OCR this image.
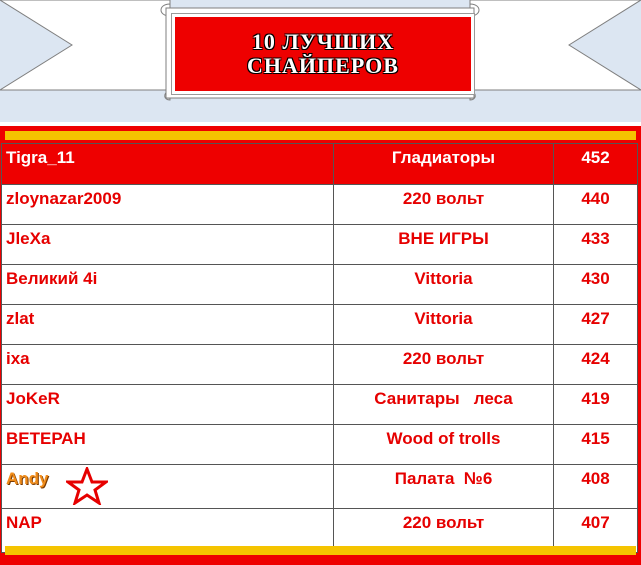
10 ЛУЧШИХ
СНАЙПЕРОВ
Tigra_11	Гладиаторы	452
zloynazar2009	220 вольт	440
JleXa	ВНЕ ИГРЫ	433
Великий 4i	Vittoria	430
zlat	Vittoria	427
ixa	220 вольт	424
JoKeR	Санитары   леса	419
ВЕТЕРАН	Wood of trolls	415
Andy	Палата  №6	408
NAP	220 вольт	407
